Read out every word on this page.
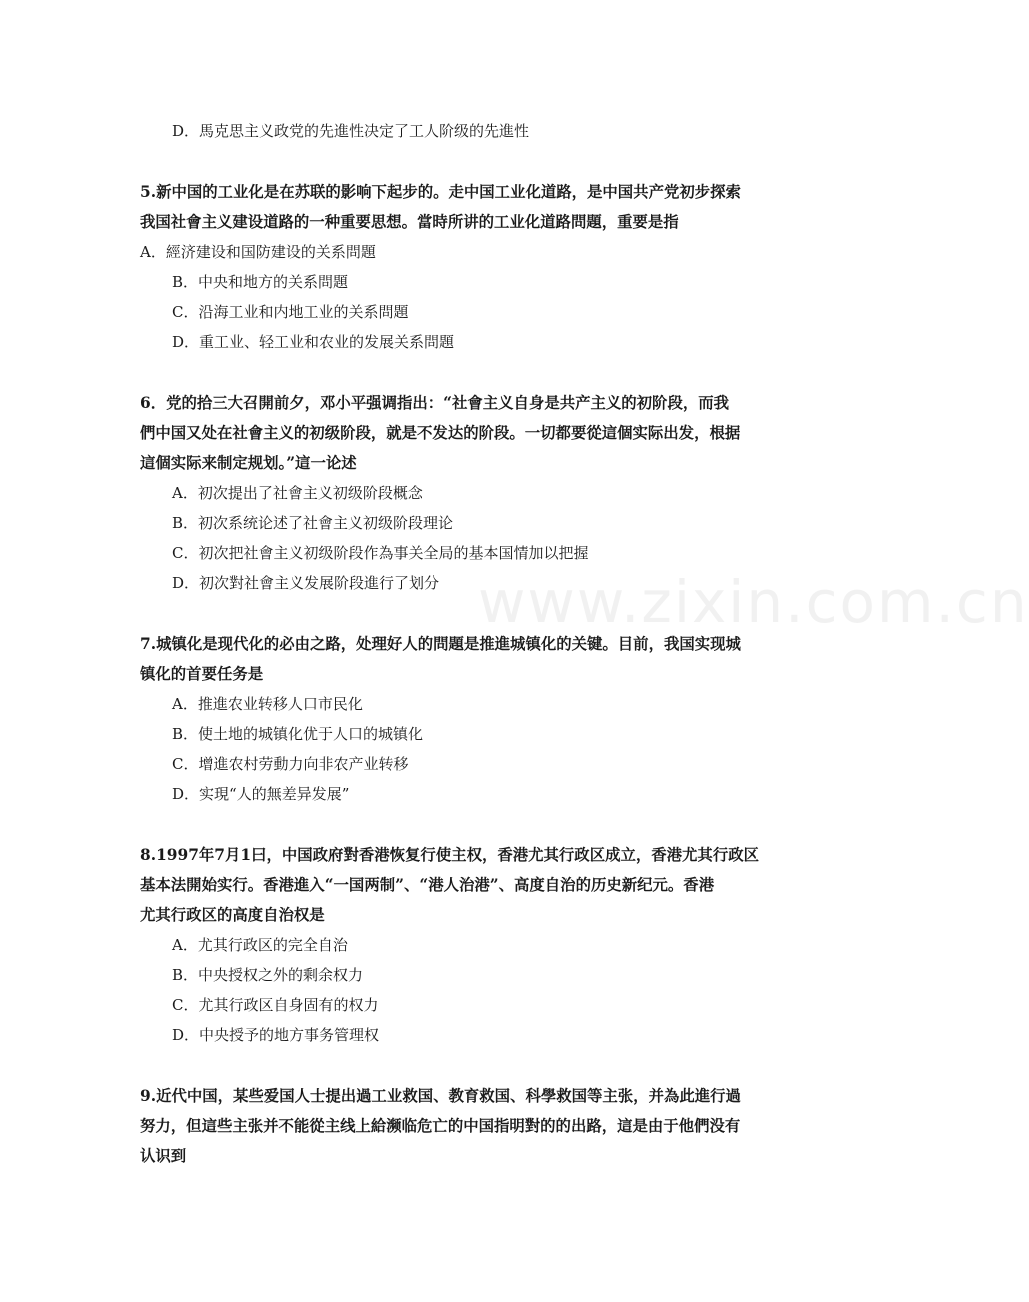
www.zixin.com.cn
D．馬克思主义政党的先進性决定了工人阶级的先進性
5.新中国的工业化是在苏联的影响下起步的。走中国工业化道路，是中国共产党初步探索
我国社會主义建设道路的一种重要思想。當時所讲的工业化道路問題，重要是指
A．經济建设和国防建设的关系問題
B．中央和地方的关系問題
C．沿海工业和内地工业的关系問題
D．重工业、轻工业和农业的发展关系問題
6．党的拾三大召開前夕，邓小平强调指出：“社會主义自身是共产主义的初阶段，而我
們中国又处在社會主义的初级阶段，就是不发达的阶段。一切都要從這個实际出发，根据
這個实际来制定规划。”這一论述
A．初次提出了社會主义初级阶段概念
B．初次系统论述了社會主义初级阶段理论
C．初次把社會主义初级阶段作為事关全局的基本国情加以把握
D．初次對社會主义发展阶段進行了划分
7.城镇化是现代化的必由之路，处理好人的問題是推進城镇化的关键。目前，我国实现城
镇化的首要任务是
A．推進农业转移人口市民化
B．使土地的城镇化优于人口的城镇化
C．增進农村劳動力向非农产业转移
D．实現“人的無差异发展”
8.1997年7月1曰，中国政府對香港恢复行使主权，香港尤其行政区成立，香港尤其行政区
基本法開始实行。香港進入“一国两制”、“港人治港”、高度自治的历史新纪元。香港
尤其行政区的高度自治权是
A．尤其行政区的完全自治
B．中央授权之外的剩余权力
C．尤其行政区自身固有的权力
D．中央授予的地方事务管理权
9.近代中国，某些爱国人士提出過工业救国、教育救国、科學救国等主张，并為此進行過
努力，但這些主张并不能從主线上給濒临危亡的中国指明對的的出路，這是由于他們没有
认识到
